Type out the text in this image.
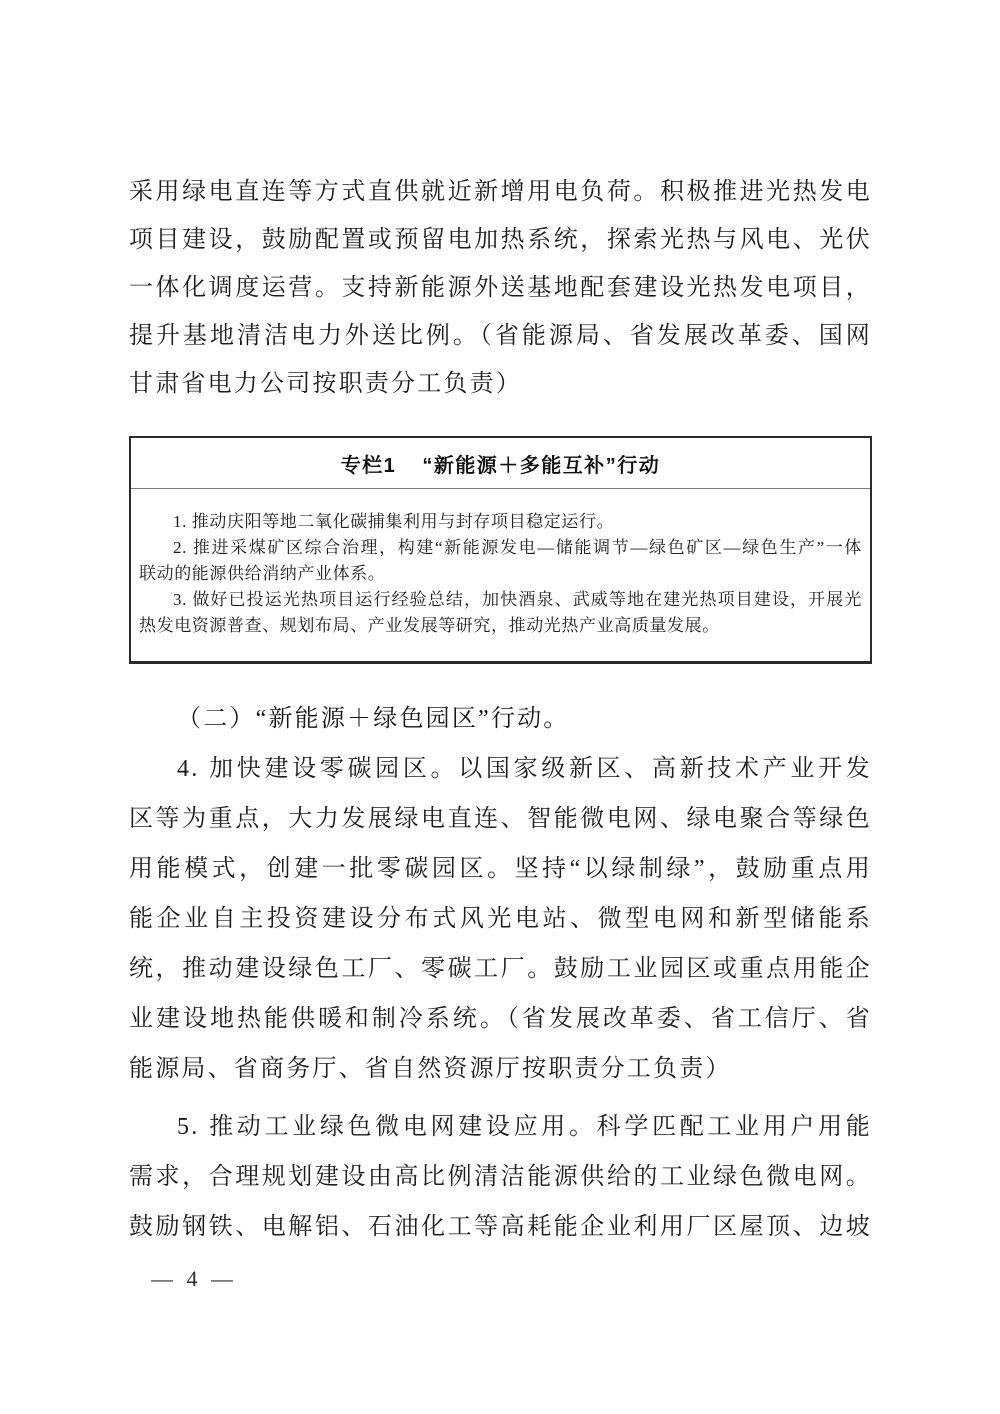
采用绿电直连等方式直供就近新增用电负荷。积极推进光热发电
项目建设，鼓励配置或预留电加热系统，探索光热与风电、光伏
一体化调度运营。支持新能源外送基地配套建设光热发电项目，
提升基地清洁电力外送比例。（省能源局、省发展改革委、国网
甘肃省电力公司按职责分工负责）
专栏1 “新能源＋多能互补”行动
1. 推动庆阳等地二氧化碳捕集利用与封存项目稳定运行。
2. 推进采煤矿区综合治理，构建“新能源发电—储能调节—绿色矿区—绿色生产”一体
联动的能源供给消纳产业体系。
3. 做好已投运光热项目运行经验总结，加快酒泉、武威等地在建光热项目建设，开展光
热发电资源普查、规划布局、产业发展等研究，推动光热产业高质量发展。
（二）“新能源＋绿色园区”行动。
4. 加快建设零碳园区。以国家级新区、高新技术产业开发
区等为重点，大力发展绿电直连、智能微电网、绿电聚合等绿色
用能模式，创建一批零碳园区。坚持“以绿制绿”，鼓励重点用
能企业自主投资建设分布式风光电站、微型电网和新型储能系
统，推动建设绿色工厂、零碳工厂。鼓励工业园区或重点用能企
业建设地热能供暖和制冷系统。（省发展改革委、省工信厅、省
能源局、省商务厅、省自然资源厅按职责分工负责）
5. 推动工业绿色微电网建设应用。科学匹配工业用户用能
需求，合理规划建设由高比例清洁能源供给的工业绿色微电网。
鼓励钢铁、电解铝、石油化工等高耗能企业利用厂区屋顶、边坡
— 4 —
